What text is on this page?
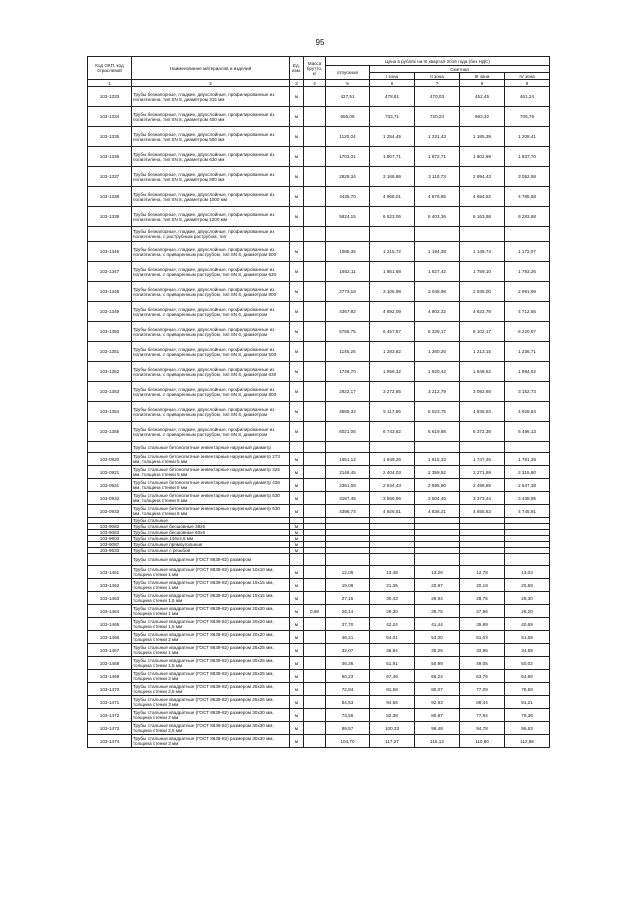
95
Код ОКП, код отраслевой	Наименование материалов и изделий	Ед. изм.	Масса брутто, кг	Цена в рублях на III квартал 2016 года (без НДС)				
				отпускная	Сметная			
					I зона	II зона	III зона	IV зона
1	2	3	4	5	6	7	8	9
103-1333	Трубы безнапорные, гладкие, двухслойные, профилированные из полиэтилена, тип SN 8, диаметром 315 мм	м		427,51	478,81	470,03	452,45	461,24
103-1334	Трубы безнапорные, гладкие, двухслойные, профилированные из полиэтилена, тип SN 8, диаметром 400 мм	м		655,09	733,71	720,24	693,32	706,78
103-1335	Трубы безнапорные, гладкие, двухслойные, профилированные из полиэтилена, тип SN 8, диаметром 500 мм	м		1120,04	1 254,45	1 231,43	1 185,39	1 208,41
103-1336	Трубы безнапорные, гладкие, двухслойные, профилированные из полиэтилена, тип SN 8, диаметром 630 мм	м		1703,31	1 907,71	1 872,71	1 802,69	1 837,70
103-1337	Трубы безнапорные, гладкие, двухслойные, профилированные из полиэтилена, тип SN 8, диаметром 800 мм	м		2829,34	3 168,86	3 110,73	2 994,43	3 052,58
103-1338	Трубы безнапорные, гладкие, двухслойные, профилированные из полиэтилена, тип SN 8, диаметром 1000 мм	м		4435,70	4 968,01	4 876,85	4 694,52	4 785,68
103-1339	Трубы безнапорные, гладкие, двухслойные, профилированные из полиэтилена, тип SN 8, диаметром 1200 мм	м		5824,15	6 523,05	6 403,36	6 163,98	6 283,68
	Трубы безнапорные, гладкие, двухслойные, профилированные из полиэтилена, с раструбным раструбом, тип							
103-1346	Трубы безнапорные, гладкие, двухслойные, профилированные из полиэтилена, с приваренным раструбом, тип SN 8, диаметром 500	м		1085,35	1 215,72	1 194,38	1 149,74	1 172,07
103-1347	Трубы безнапорные, гладкие, двухслойные, профилированные из полиэтилена, с приваренным раструбом, тип SN 8, диаметром 630	м		1662,11	1 861,68	1 827,42	1 759,10	1 793,26
103-1348	Трубы безнапорные, гладкие, двухслойные, профилированные из полиэтилена, с приваренным раструбом, тип SN 8, диаметром 800	м		2773,18	3 105,98	3 048,98	2 935,00	2 991,99
103-1349	Трубы безнапорные, гладкие, двухслойные, профилированные из полиэтилена, с приваренным раструбом, тип SN 6, диаметром	м		4367,92	4 892,09	4 802,32	4 622,78	4 712,55
103-1350	Трубы безнапорные, гладкие, двухслойные, профилированные из полиэтилена, с приваренным раструбом, тип SN 6, диаметром	м		5765,75	6 457,67	6 339,17	6 102,17	6 220,67
103-1351	Трубы безнапорные, гладкие, двухслойные, профилированные из полиэтилена, с приваренным раструбом, тип SN 8, диаметром 500	м		1146,26	1 283,82	1 260,26	1 213,15	1 236,71
103-1352	Трубы безнапорные, гладкие, двухслойные, профилированные из полиэтилена, с приваренным раструбом, тип SN 8, диаметром 630	м		1746,70	1 956,32	1 920,42	1 848,62	1 884,52
103-1353	Трубы безнапорные, гладкие, двухслойные, профилированные из полиэтилена, с приваренным раструбом, тип SN 8, диаметром 800	м		2922,17	3 272,85	3 212,79	3 092,68	3 152,73
103-1354	Трубы безнапорные, гладкие, двухслойные, профилированные из полиэтилена, с приваренным раструбом, тип SN 8, диаметром	м		4569,32	5 117,66	5 023,75	4 835,93	4 929,84
103-1355	Трубы безнапорные, гладкие, двухслойные, профилированные из полиэтилена, с приваренным раструбом, тип SN 8, диаметром	м		6021,06	6 743,62	6 619,88	6 372,38	6 496,13
	Трубы стальные бетонолитные инвентарные наружный диаметр							
103-0920	Трубы стальные бетонолитные инвентарные наружный диаметр 273 мм, толщина стенки 5 мм	м		1651,12	1 849,26	1 815,33	1 747,46	1 781,39
103-0921	Трубы стальные бетонолитные инвентарные наружный диаметр 325 мм, толщина стенки 5 мм	м		2146,45	2 404,03	2 359,92	2 271,69	2 315,80
103-0931	Трубы стальные бетонолитные инвентарные наружный диаметр 426 мм, толщина стенки 5 мм	м		2361,08	2 644,43	2 595,90	2 498,85	2 547,38
103-0932	Трубы стальные бетонолитные инвентарные наружный диаметр 530 мм, толщина стенки 6 мм	м		3187,45	3 569,96	3 504,45	3 373,44	3 438,95
103-0933	Трубы стальные бетонолитные инвентарные наружный диаметр 630 мм, толщина стенки 6 мм	м		4398,74	4 926,51	4 836,21	4 655,63	4 745,91
	Трубы стальные							
103-9082	Трубы стальные бесшовные 38х5	м						
103-9083	Трубы стальные бесшовные 60х6	м						
103-9603	Трубы стальные 146х4,5 мм	м						
103-9087	Трубы стальные прямоугольные	м						
103-9633	Трубы стальные с резьбой	м						
	Трубы стальные квадратные (ГОСТ 8639-82) размером							
103-1461	Трубы стальные квадратные (ГОСТ 8639-82) размером 10х10 мм, толщина стенки 1 мм	м		12,06	13,48	13,28	12,78	13,03
103-1462	Трубы стальные квадратные (ГОСТ 8639-82) размером 15х15 мм, толщина стенки 1 мм	м		19,06	21,35	20,97	20,18	20,59
103-1463	Трубы стальные квадратные (ГОСТ 8639-82) размером 15х15 мм, толщина стенки 1,5 мм	м		27,15	30,43	29,94	28,75	29,30
103-1464	Трубы стальные квадратные (ГОСТ 8639-82) размером 20х20 мм, толщина стенки 1 мм	м	0,98	26,14	29,30	28,75	27,86	28,20
103-1465	Трубы стальные квадратные (ГОСТ 8639-82) размером 20х20 мм, толщина стенки 1,5 мм	м		37,70	42,24	41,44	39,89	40,69
103-1466	Трубы стальные квадратные (ГОСТ 8639-82) размером 20х20 мм, толщина стенки 2 мм	м		48,21	54,01	53,00	51,03	51,69
103-1467	Трубы стальные квадратные (ГОСТ 8639-82) размером 25х25 мм, толщина стенки 1 мм	м		32,07	35,84	35,26	33,95	34,59
103-1468	Трубы стальные квадратные (ГОСТ 8639-82) размером 25х25 мм, толщина стенки 1,5 мм	м		46,36	51,91	50,99	49,05	50,02
103-1469	Трубы стальные квадратные (ГОСТ 8639-82) размером 25х25 мм, толщина стенки 2 мм	м		60,23	67,46	66,24	63,76	64,98
103-1470	Трубы стальные квадратные (ГОСТ 8639-82) размером 25х25 мм, толщина стенки 2,5 мм	м		72,84	81,58	80,07	77,09	78,58
103-1471	Трубы стальные квадратные (ГОСТ 8639-82) размером 25х25 мм, толщина стенки 3 мм	м		84,53	94,66	92,93	89,44	91,21
103-1472	Трубы стальные квадратные (ГОСТ 8639-82) размером 30х30 мм, толщина стенки 2 мм	м		73,56	82,38	80,87	77,84	79,36
103-1473	Трубы стальные квадратные (ГОСТ 8639-82) размером 30х30 мм, толщина стенки 2,5 мм	м		89,57	100,33	98,48	94,78	96,63
103-1474	Трубы стальные квадратные (ГОСТ 8639-82) размером 30х30 мм, толщина стенки 3 мм	м		104,70	117,27	115,13	110,80	112,98
